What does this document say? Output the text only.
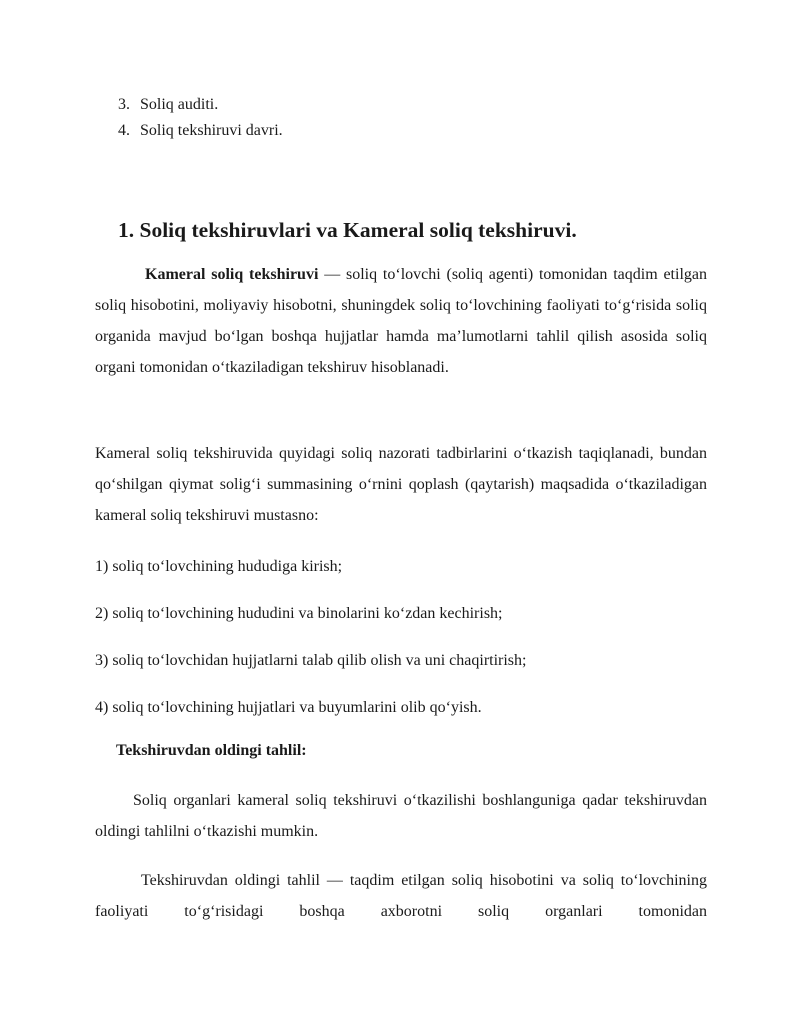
3. Soliq auditi.
4. Soliq tekshiruvi davri.
1. Soliq tekshiruvlari va Kameral soliq tekshiruvi.

Kameral soliq tekshiruvi — soliq to‘lovchi (soliq agenti) tomonidan taqdim etilgan soliq hisobotini, moliyaviy hisobotni, shuningdek soliq to‘lovchining faoliyati to‘g‘risida soliq organida mavjud bo‘lgan boshqa hujjatlar hamda ma’lumotlarni tahlil qilish asosida soliq organi tomonidan o‘tkaziladigan tekshiruv hisoblanadi.

Kameral soliq tekshiruvida quyidagi soliq nazorati tadbirlarini o‘tkazish taqiqlanadi, bundan qo‘shilgan qiymat solig‘i summasining o‘rnini qoplash (qaytarish) maqsadida o‘tkaziladigan kameral soliq tekshiruvi mustasno:

1) soliq to‘lovchining hududiga kirish;

2) soliq to‘lovchining hududini va binolarini ko‘zdan kechirish;

3) soliq to‘lovchidan hujjatlarni talab qilib olish va uni chaqirtirish;

4) soliq to‘lovchining hujjatlari va buyumlarini olib qo‘yish.

Tekshiruvdan oldingi tahlil:

Soliq organlari kameral soliq tekshiruvi o‘tkazilishi boshlanguniga qadar tekshiruvdan oldingi tahlilni o‘tkazishi mumkin.

Tekshiruvdan oldingi tahlil — taqdim etilgan soliq hisobotini va soliq to‘lovchining faoliyati to‘g‘risidagi boshqa axborotni soliq organlari tomonidan
